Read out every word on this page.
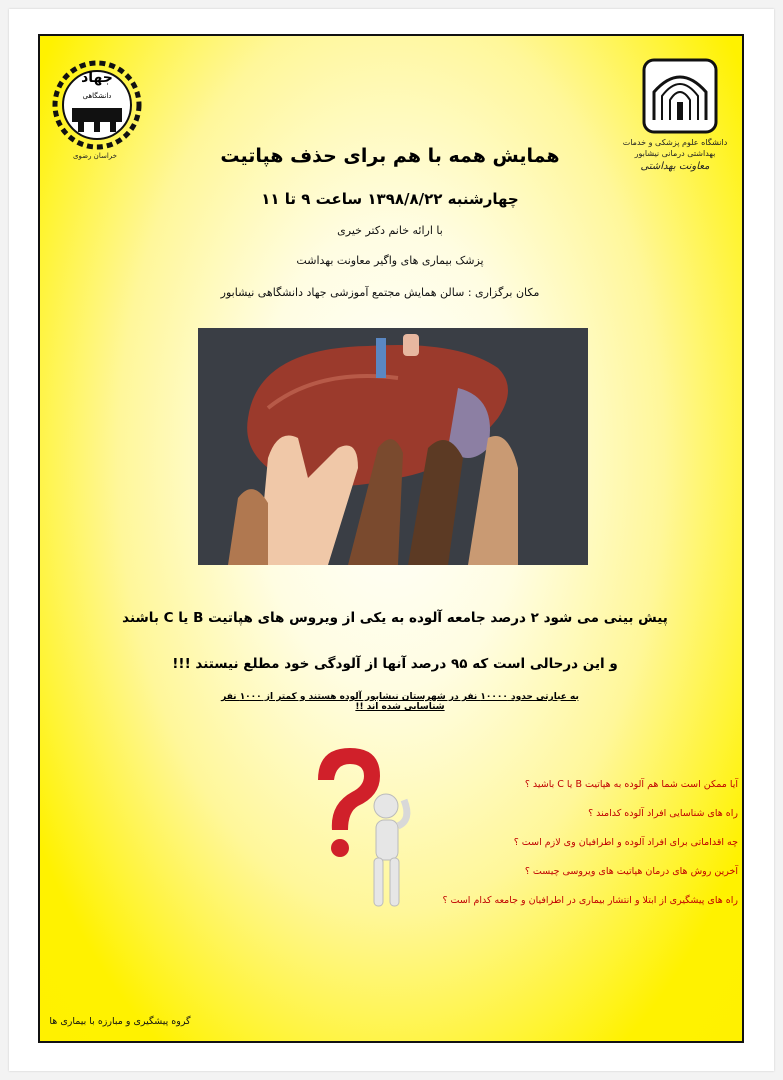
جهاد
دانشگاهی
خراسان رضوی
دانشگاه علوم پزشکی و خدمات بهداشتی درمانی نیشابور
معاونت بهداشتی
همایش همه با هم برای حذف هپاتیت
چهارشنبه ۱۳۹۸/۸/۲۲ ساعت ۹ تا ۱۱
با ارائه خانم دکتر خیری
پزشک بیماری های واگیر معاونت بهداشت
مکان برگزاری : سالن همایش مجتمع آموزشی جهاد دانشگاهی نیشابور
پیش بینی می شود ۲ درصد جامعه آلوده به یکی از ویروس های هپاتیت B یا C باشند
و این درحالی است که ۹۵ درصد آنها از آلودگی خود مطلع نیستند !!!
به عبارتی حدود ۱۰۰۰۰ نفر در شهرستان نیشابور آلوده هستند و کمتر از ۱۰۰۰ نفر شناسایی شده اند !!
آیا ممکن است شما هم آلوده به هپاتیت B یا C باشید ؟
راه های شناسایی افراد آلوده کدامند ؟
چه اقداماتی برای افراد آلوده و اطرافیان وی لازم است ؟
آخرین روش های درمان هپاتیت های ویروسی چیست ؟
راه های پیشگیری از ابتلا و انتشار بیماری در اطرافیان و جامعه کدام است ؟
گروه پیشگیری و مبارزه با بیماری ها
